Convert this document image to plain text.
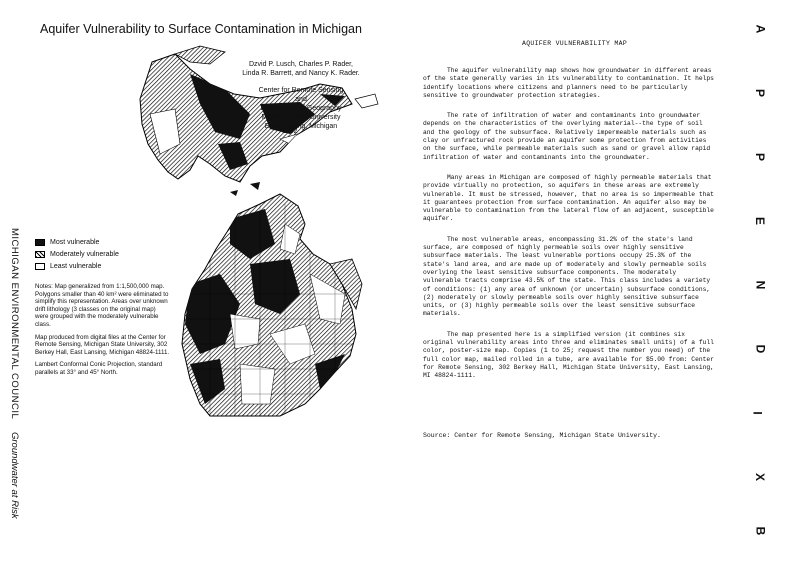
Aquifer Vulnerability to Surface Contamination in Michigan
Dzvid P. Lusch, Charles P. Rader,
Linda R. Barrett, and Nancy K. Rader.
Center for Remote Sensing
and
Department of Geography
Michigan State University
East Lansing, Michigan
1992
Most vulnerable
Moderately vulnerable
Least vulnerable

Notes: Map generalized from 1:1,500,000 map. Polygons smaller than 40 km² were eliminated to simplify this representation. Areas over unknown drift lithology (3 classes on the original map) were grouped with the moderately vulnerable class.

Map produced from digital files at the Center for Remote Sensing, Michigan State University, 302 Berkey Hall, East Lansing, Michigan 48824-1111.

Lambert Conformal Conic Projection, standard parallels at 33° and 45° North.

MICHIGAN ENVIRONMENTAL COUNCIL
Groundwater at Risk
AQUIFER VULNERABILITY MAP

The aquifer vulnerability map shows how groundwater in different areas of the state generally varies in its vulnerability to contamination. It helps identify locations where citizens and planners need to be particularly sensitive to groundwater protection strategies.

The rate of infiltration of water and contaminants into groundwater depends on the characteristics of the overlying material--the type of soil and the geology of the subsurface. Relatively impermeable materials such as clay or unfractured rock provide an aquifer some protection from activities on the surface, while permeable materials such as sand or gravel allow rapid infiltration of water and contaminants into the groundwater.

Many areas in Michigan are composed of highly permeable materials that provide virtually no protection, so aquifers in these areas are extremely vulnerable. It must be stressed, however, that no area is so impermeable that it guarantees protection from surface contamination. An aquifer also may be vulnerable to contamination from the lateral flow of an adjacent, susceptible aquifer.

The most vulnerable areas, encompassing 31.2% of the state's land surface, are composed of highly permeable soils over highly sensitive subsurface materials. The least vulnerable portions occupy 25.3% of the state's land area, and are made up of moderately and slowly permeable soils overlying the least sensitive subsurface components. The moderately vulnerable tracts comprise 43.5% of the state. This class includes a variety of conditions: (1) any area of unknown (or uncertain) subsurface conditions, (2) moderately or slowly permeable soils over highly sensitive subsurface units, or (3) highly permeable soils over the least sensitive subsurface materials.

The map presented here is a simplified version (it combines six original vulnerability areas into three and eliminates small units) of a full color, poster-size map. Copies (1 to 25; request the number you need) of the full color map, mailed rolled in a tube, are available for $5.00 from: Center for Remote Sensing, 302 Berkey Hall, Michigan State University, East Lansing, MI 48824-1111.

Source: Center for Remote Sensing, Michigan State University.
A
P
P
E
N
D
I
X
B
